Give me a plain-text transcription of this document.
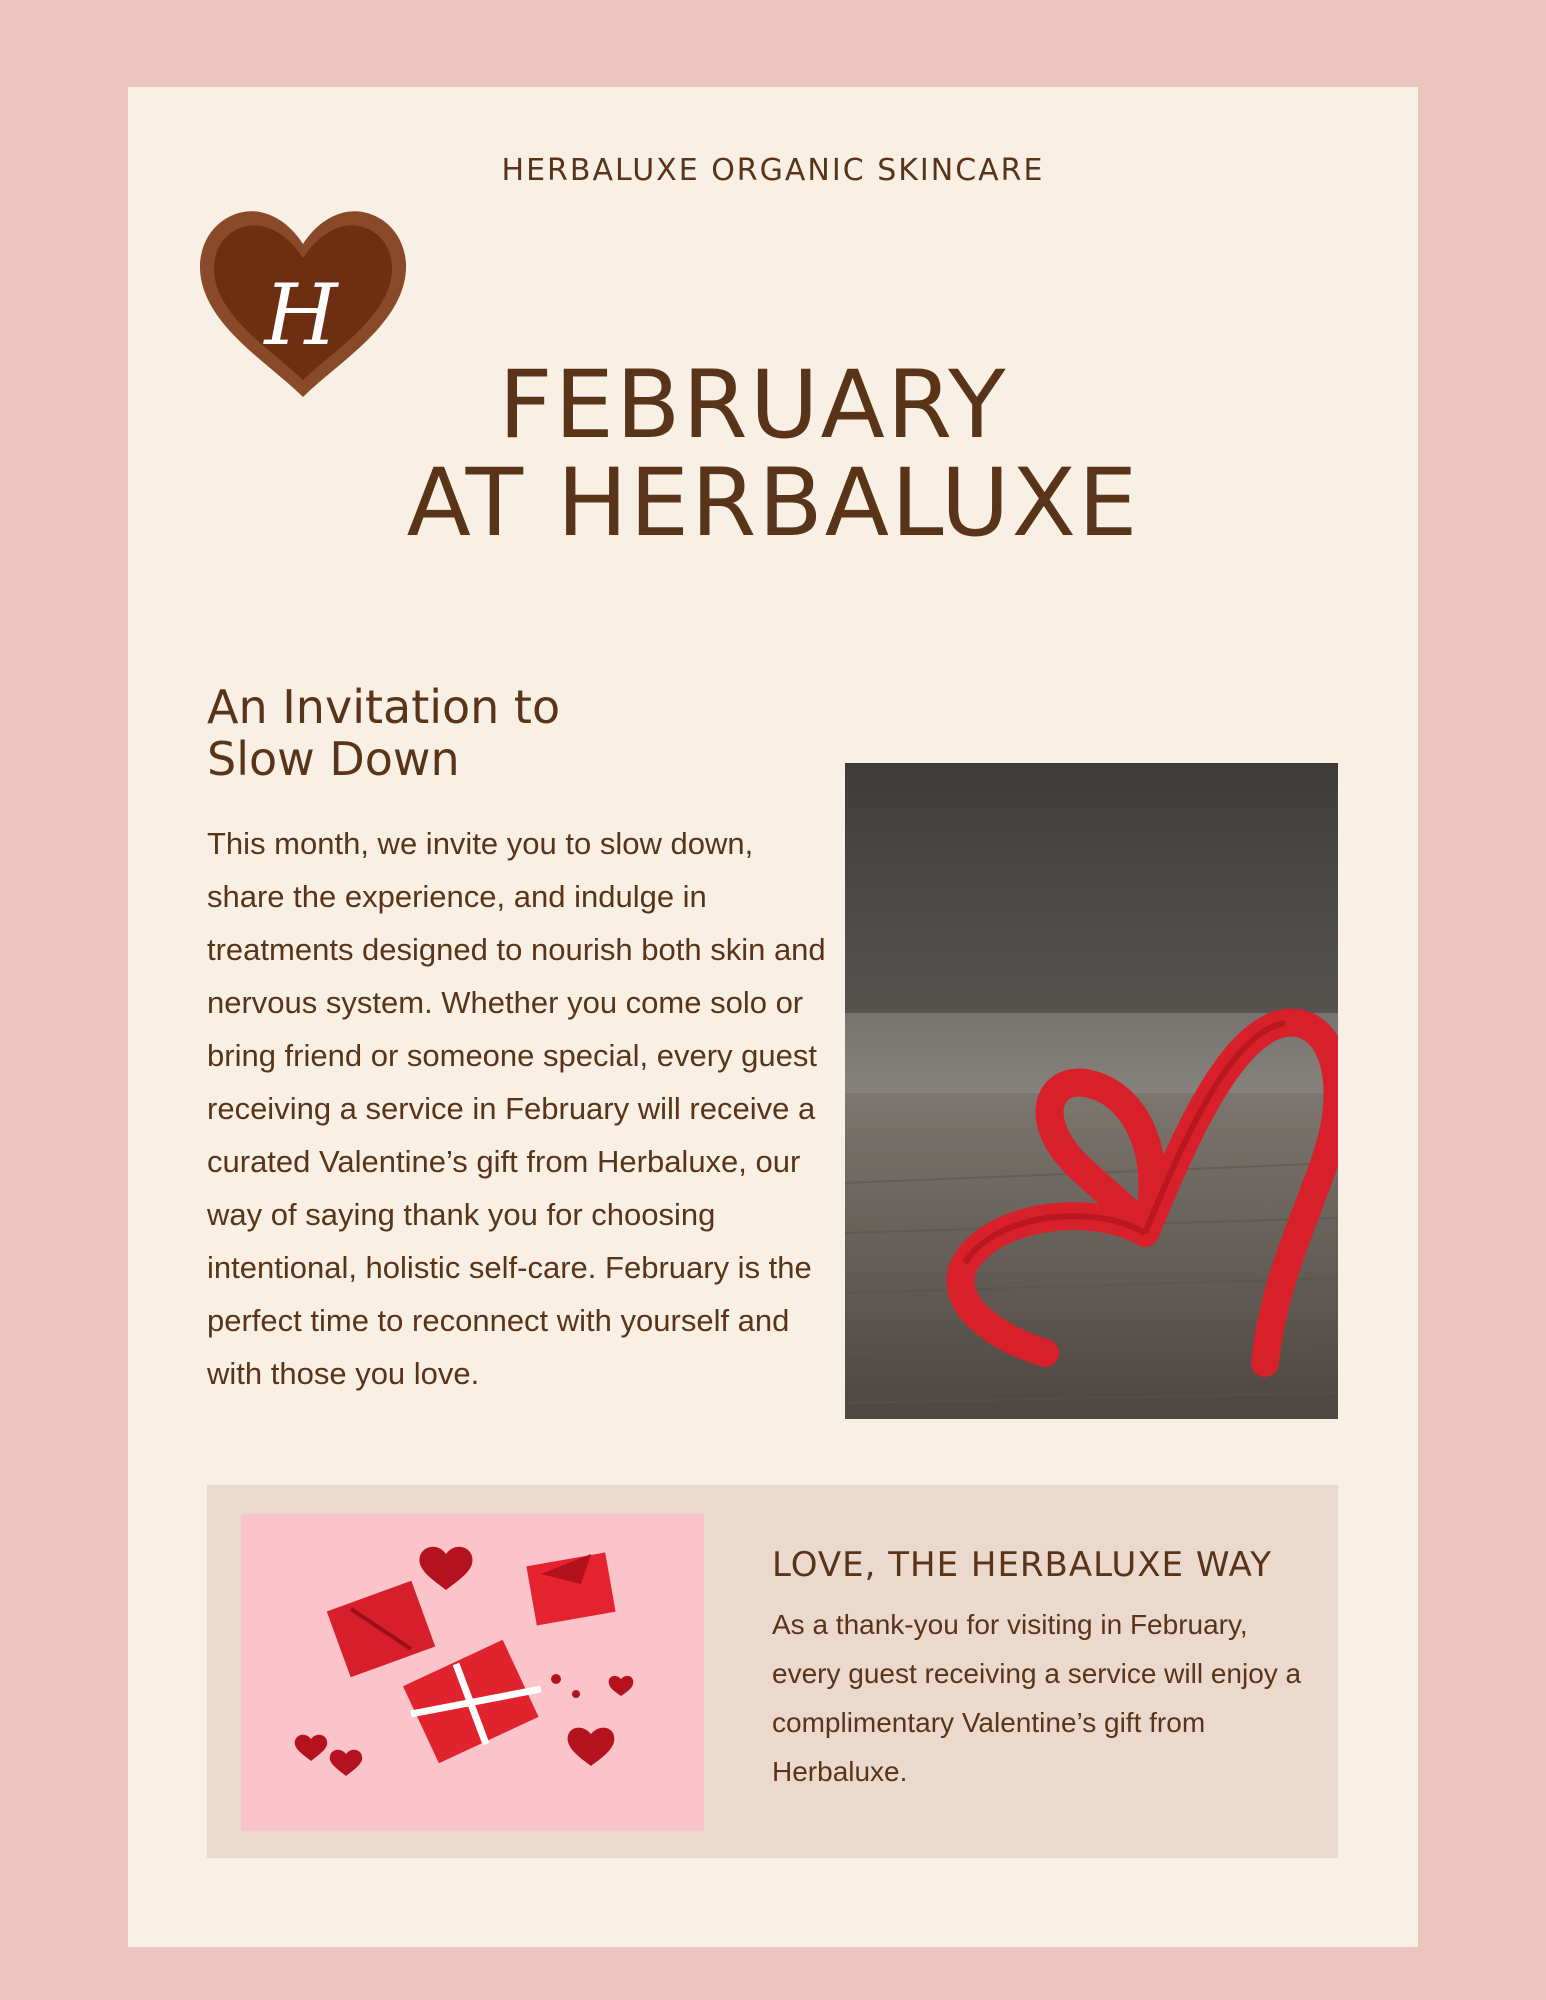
HERBALUXE ORGANIC SKINCARE
H
FEBRUARY
AT HERBALUXE
An Invitation to
Slow Down
This month, we invite you to slow down, share the experience, and indulge in treatments designed to nourish both skin and nervous system. Whether you come solo or bring friend or someone special, every guest receiving a service in February will receive a curated Valentine’s gift from Herbaluxe, our way of saying thank you for choosing intentional, holistic self-care. February is the perfect time to reconnect with yourself and with those you love.
LOVE, THE HERBALUXE WAY
As a thank-you for visiting in February, every guest receiving a service will enjoy a complimentary Valentine’s gift from Herbaluxe.
